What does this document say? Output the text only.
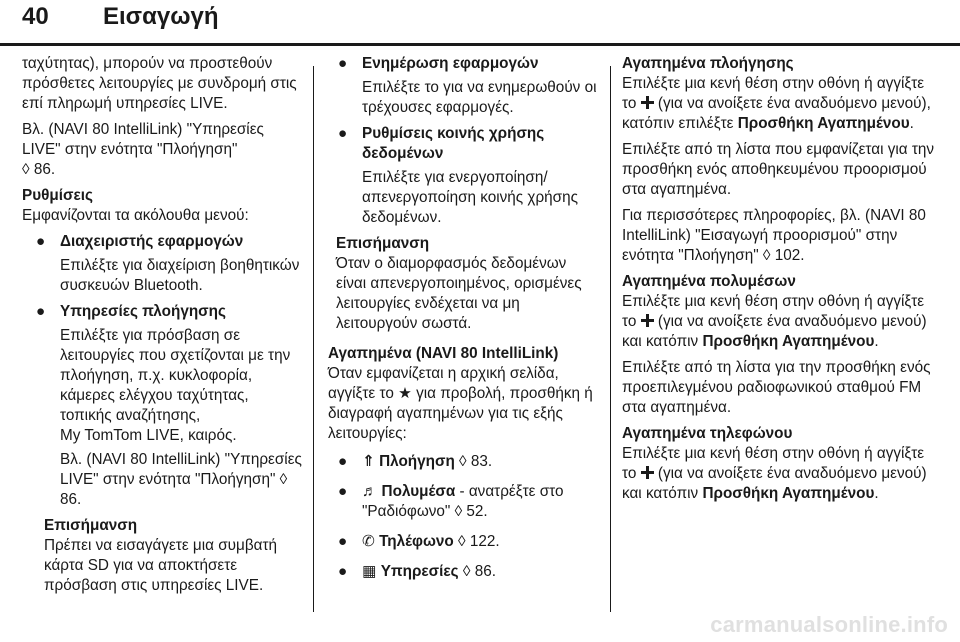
40 Εισαγωγή

ταχύτητας), μπορούν να προστεθούν πρόσθετες λειτουργίες με συνδρομή στις επί πληρωμή υπηρεσίες LIVE.

Βλ. (NAVI 80 IntelliLink) "Υπηρεσίες LIVE" στην ενότητα "Πλοήγηση"
◊ 86.

Ρυθμίσεις

Εμφανίζονται τα ακόλουθα μενού:

● Διαχειριστής εφαρμογών
Επιλέξτε για διαχείριση βοηθητικών συσκευών Bluetooth.
● Υπηρεσίες πλοήγησης
Επιλέξτε για πρόσβαση σε λειτουργίες που σχετίζονται με την πλοήγηση, π.χ. κυκλοφορία, κάμερες ελέγχου ταχύτητας, τοπικής αναζήτησης,
My TomTom LIVE, καιρός.
Βλ. (NAVI 80 IntelliLink) "Υπηρεσίες LIVE" στην ενότητα "Πλοήγηση" ◊ 86.
Επισήμανση
Πρέπει να εισαγάγετε μια συμβατή κάρτα SD για να αποκτήσετε πρόσβαση στις υπηρεσίες LIVE.
● Ενημέρωση εφαρμογών
Επιλέξτε το για να ενημερωθούν οι τρέχουσες εφαρμογές.
● Ρυθμίσεις κοινής χρήσης δεδομένων
Επιλέξτε για ενεργοποίηση/ απενεργοποίηση κοινής χρήσης δεδομένων.
Επισήμανση
Όταν ο διαμορφασμός δεδομένων είναι απενεργοποιημένος, ορισμένες λειτουργίες ενδέχεται να μη λειτουργούν σωστά.
Αγαπημένα (NAVI 80 IntelliLink)

Όταν εμφανίζεται η αρχική σελίδα, αγγίξτε το ★ για προβολή, προσθήκη ή διαγραφή αγαπημένων για τις εξής λειτουργίες:

● ⇑ Πλοήγηση ◊ 83.
● ♬ Πολυμέσα - ανατρέξτε στο "Ραδιόφωνο" ◊ 52.
● ✆ Τηλέφωνο ◊ 122.
● ▦ Υπηρεσίες ◊ 86.
Αγαπημένα πλοήγησης

Επιλέξτε μια κενή θέση στην οθόνη ή αγγίξτε το (για να ανοίξετε ένα αναδυόμενο μενού), κατόπιν επιλέξτε Προσθήκη Αγαπημένου.

Επιλέξτε από τη λίστα που εμφανίζεται για την προσθήκη ενός αποθηκευμένου προορισμού στα αγαπημένα.

Για περισσότερες πληροφορίες, βλ. (NAVI 80 IntelliLink) "Εισαγωγή προορισμού" στην ενότητα "Πλοήγηση" ◊ 102.

Αγαπημένα πολυμέσων

Επιλέξτε μια κενή θέση στην οθόνη ή αγγίξτε το (για να ανοίξετε ένα αναδυόμενο μενού) και κατόπιν Προσθήκη Αγαπημένου.

Επιλέξτε από τη λίστα για την προσθήκη ενός προεπιλεγμένου ραδιοφωνικού σταθμού FM στα αγαπημένα.

Αγαπημένα τηλεφώνου

Επιλέξτε μια κενή θέση στην οθόνη ή αγγίξτε το (για να ανοίξετε ένα αναδυόμενο μενού) και κατόπιν Προσθήκη Αγαπημένου.

carmanualsonline.info
